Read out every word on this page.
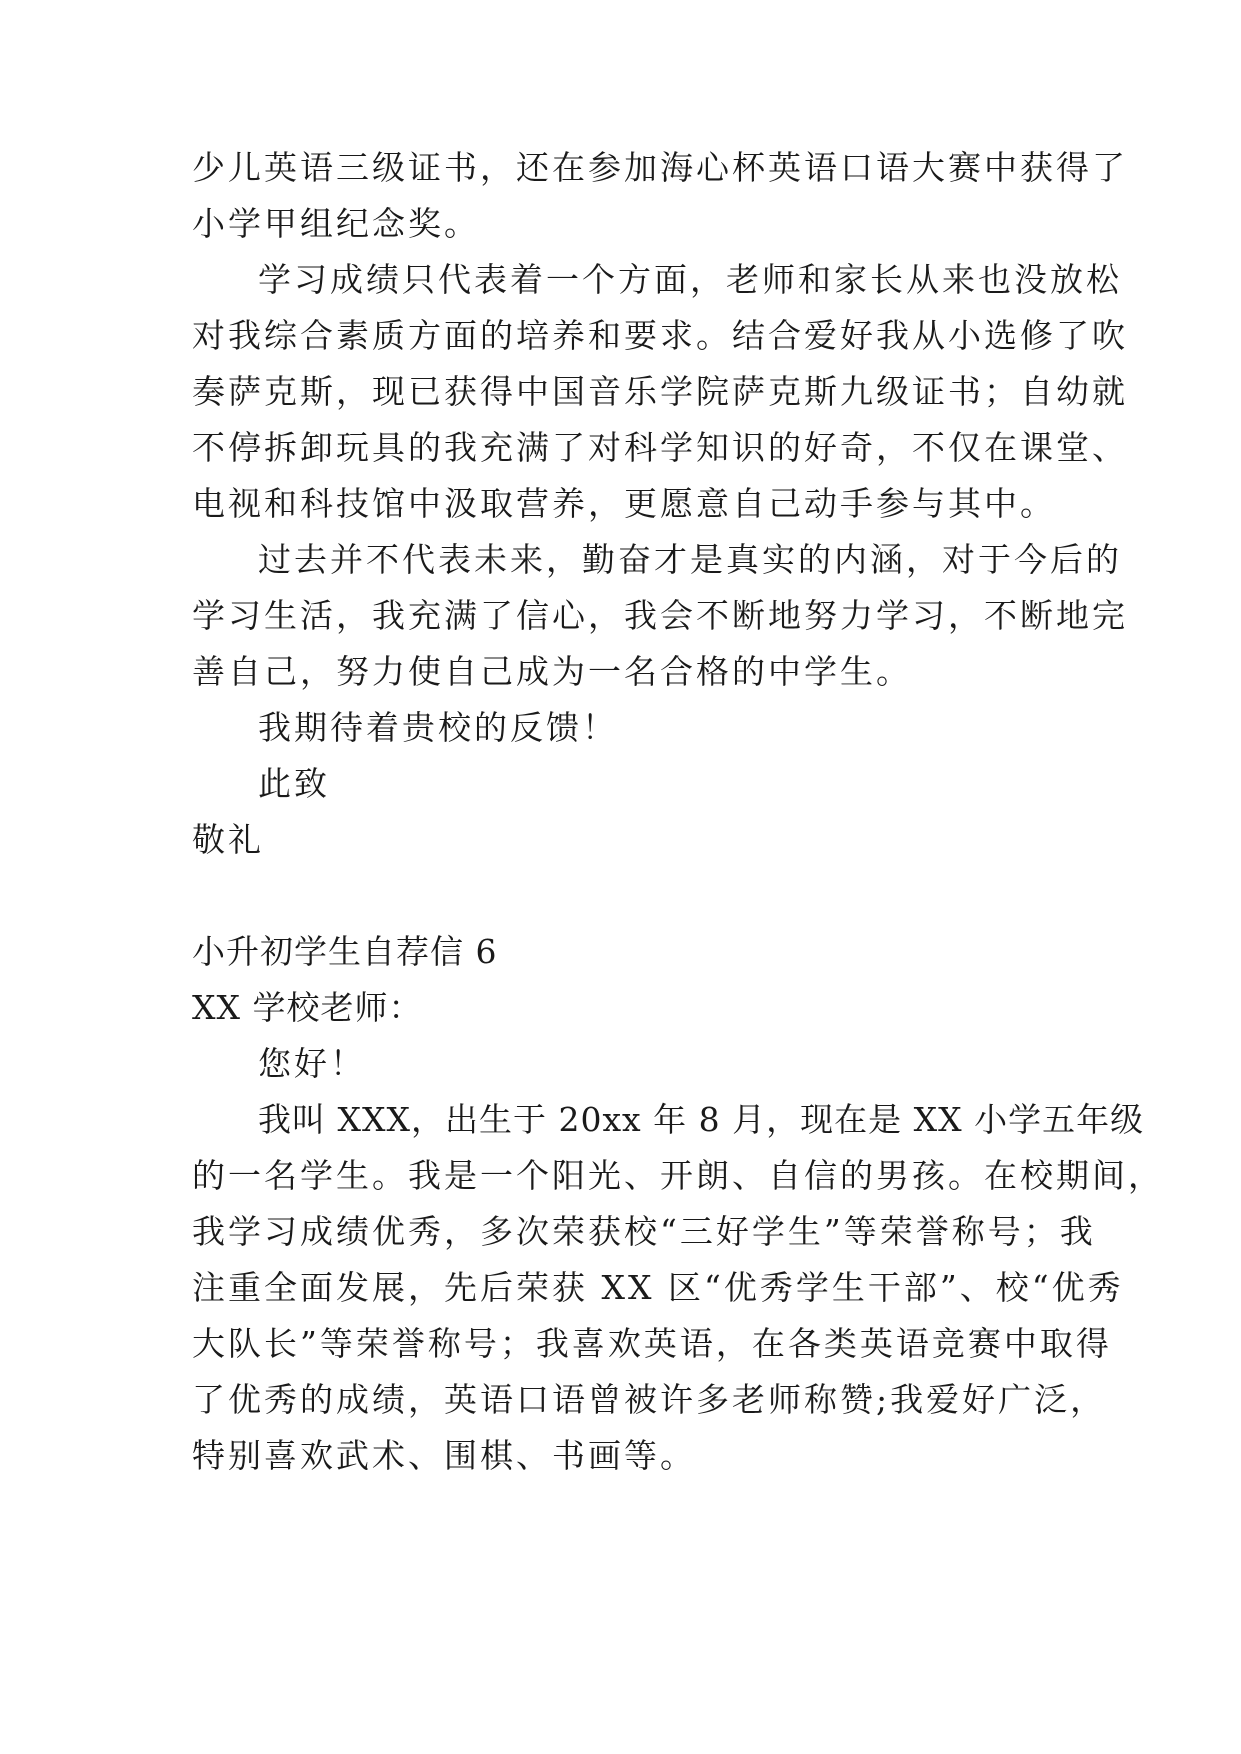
少儿英语三级证书，还在参加海心杯英语口语大赛中获得了
小学甲组纪念奖。
学习成绩只代表着一个方面，老师和家长从来也没放松
对我综合素质方面的培养和要求。结合爱好我从小选修了吹
奏萨克斯，现已获得中国音乐学院萨克斯九级证书；自幼就
不停拆卸玩具的我充满了对科学知识的好奇，不仅在课堂、
电视和科技馆中汲取营养，更愿意自己动手参与其中。
过去并不代表未来，勤奋才是真实的内涵，对于今后的
学习生活，我充满了信心，我会不断地努力学习，不断地完
善自己，努力使自己成为一名合格的中学生。
我期待着贵校的反馈！
此致
敬礼
小升初学生自荐信 6
XX 学校老师：
您好！
我叫 XXX，出生于 20xx 年 8 月，现在是 XX 小学五年级
的一名学生。我是一个阳光、开朗、自信的男孩。在校期间，
我学习成绩优秀，多次荣获校“三好学生”等荣誉称号；我
注重全面发展，先后荣获 XX 区“优秀学生干部”、校“优秀
大队长”等荣誉称号；我喜欢英语，在各类英语竞赛中取得
了优秀的成绩，英语口语曾被许多老师称赞;我爱好广泛，
特别喜欢武术、围棋、书画等。
